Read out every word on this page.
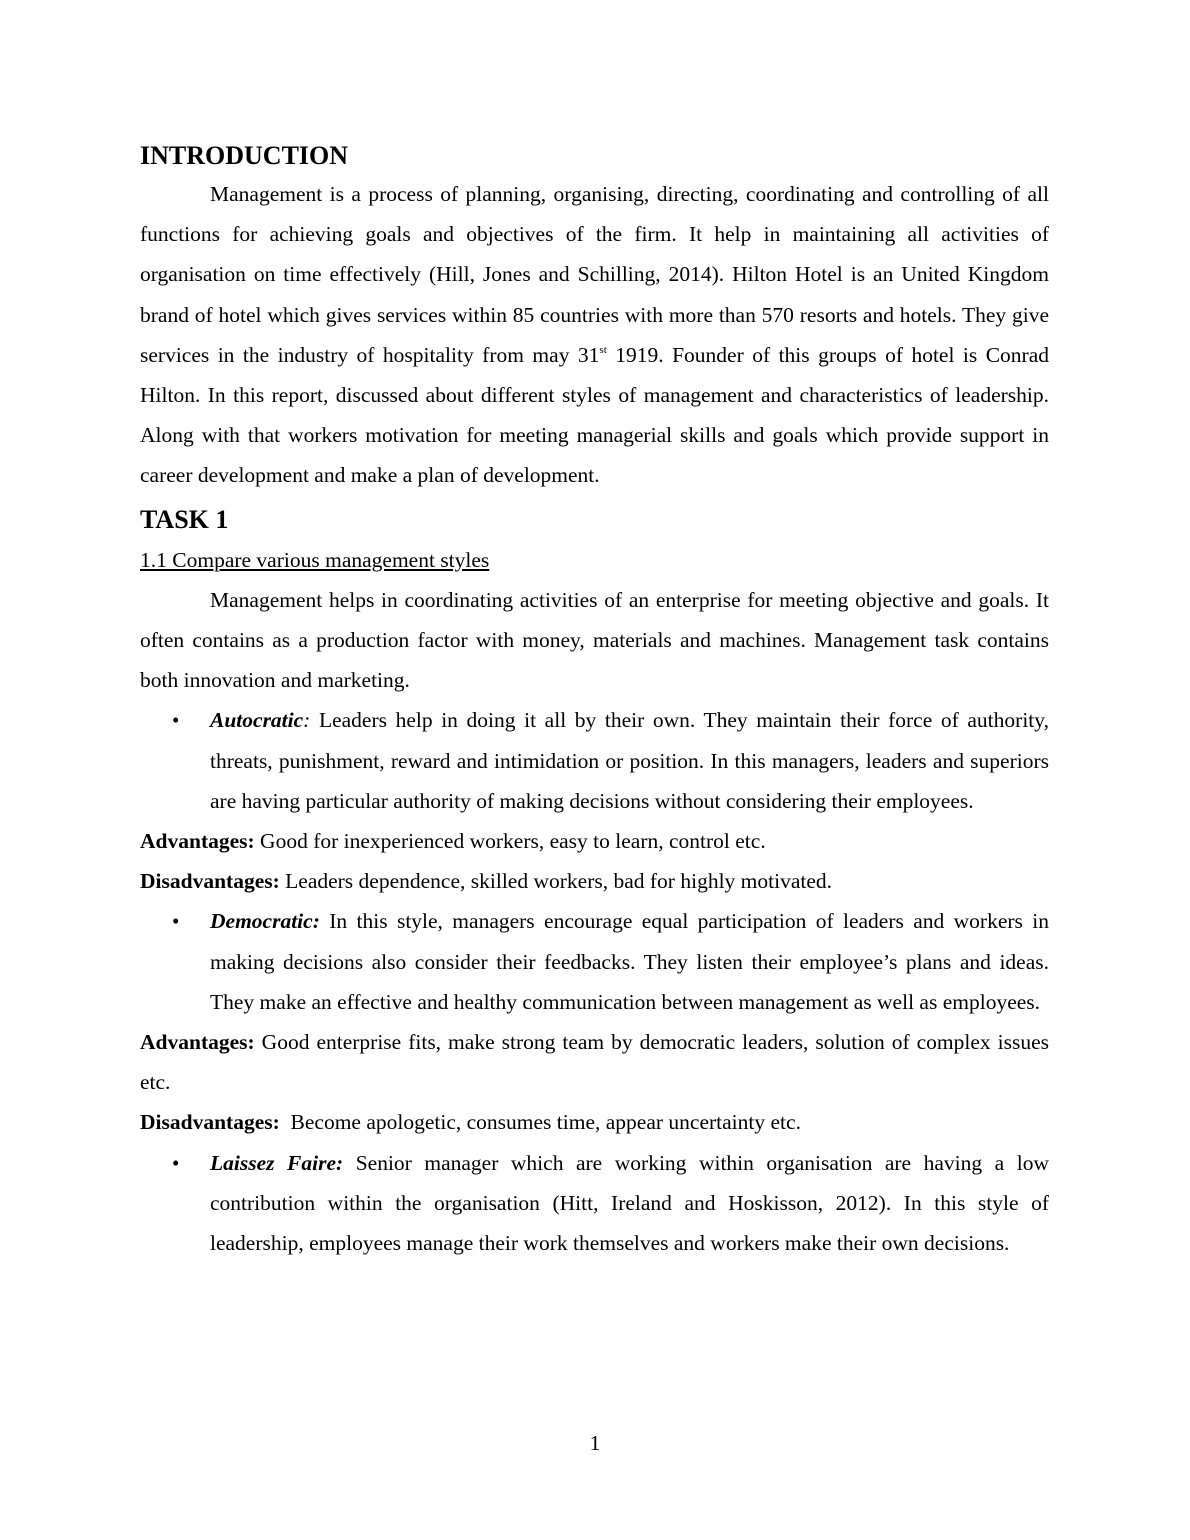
INTRODUCTION

Management is a process of planning, organising, directing, coordinating and controlling of all functions for achieving goals and objectives of the firm. It help in maintaining all activities of organisation on time effectively (Hill, Jones and Schilling, 2014). Hilton Hotel is an United Kingdom brand of hotel which gives services within 85 countries with more than 570 resorts and hotels. They give services in the industry of hospitality from may 31st 1919. Founder of this groups of hotel is Conrad Hilton. In this report, discussed about different styles of management and characteristics of leadership. Along with that workers motivation for meeting managerial skills and goals which provide support in career development and make a plan of development.

TASK 1

1.1 Compare various management styles

Management helps in coordinating activities of an enterprise for meeting objective and goals. It often contains as a production factor with money, materials and machines. Management task contains both innovation and marketing.

• Autocratic: Leaders help in doing it all by their own. They maintain their force of authority, threats, punishment, reward and intimidation or position. In this managers, leaders and superiors are having particular authority of making decisions without considering their employees.

Advantages: Good for inexperienced workers, easy to learn, control etc.

Disadvantages: Leaders dependence, skilled workers, bad for highly motivated.

• Democratic: In this style, managers encourage equal participation of leaders and workers in making decisions also consider their feedbacks. They listen their employee’s plans and ideas. They make an effective and healthy communication between management as well as employees.

Advantages: Good enterprise fits, make strong team by democratic leaders, solution of complex issues etc.

Disadvantages:  Become apologetic, consumes time, appear uncertainty etc.

• Laissez Faire: Senior manager which are working within organisation are having a low contribution within the organisation (Hitt, Ireland and Hoskisson, 2012). In this style of leadership, employees manage their work themselves and workers make their own decisions.
1
